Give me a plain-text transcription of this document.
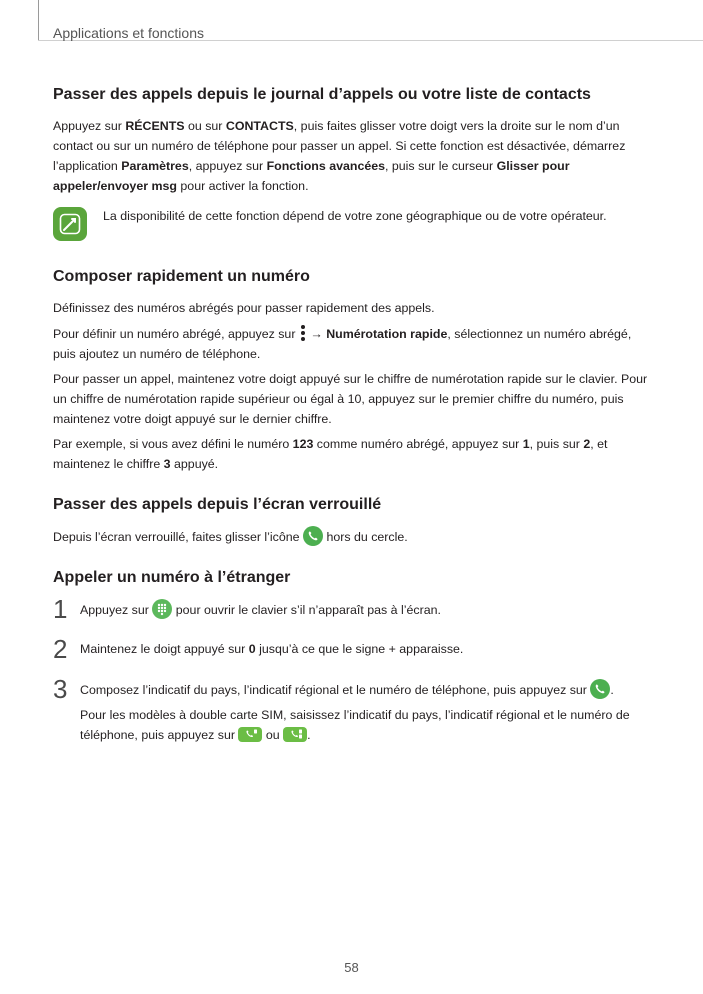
Applications et fonctions
Passer des appels depuis le journal d’appels ou votre liste de contacts

Appuyez sur RÉCENTS ou sur CONTACTS, puis faites glisser votre doigt vers la droite sur le nom d’un contact ou sur un numéro de téléphone pour passer un appel. Si cette fonction est désactivée, démarrez l’application Paramètres, appuyez sur Fonctions avancées, puis sur le curseur Glisser pour appeler/envoyer msg pour activer la fonction.

La disponibilité de cette fonction dépend de votre zone géographique ou de votre opérateur.
Composer rapidement un numéro

Définissez des numéros abrégés pour passer rapidement des appels.

Pour définir un numéro abrégé, appuyez sur  → Numérotation rapide, sélectionnez un numéro abrégé, puis ajoutez un numéro de téléphone.

Pour passer un appel, maintenez votre doigt appuyé sur le chiffre de numérotation rapide sur le clavier. Pour un chiffre de numérotation rapide supérieur ou égal à 10, appuyez sur le premier chiffre du numéro, puis maintenez votre doigt appuyé sur le dernier chiffre.

Par exemple, si vous avez défini le numéro 123 comme numéro abrégé, appuyez sur 1, puis sur 2, et maintenez le chiffre 3 appuyé.

Passer des appels depuis l’écran verrouillé

Depuis l’écran verrouillé, faites glisser l’icône
hors du cercle.

Appeler un numéro à l’étranger
1 Appuyez sur
pour ouvrir le clavier s’il n’apparaît pas à l’écran.
2 Maintenez le doigt appuyé sur 0 jusqu’à ce que le signe + apparaisse.
3 Composez l’indicatif du pays, l’indicatif régional et le numéro de téléphone, puis appuyez sur
.
Pour les modèles à double carte SIM, saisissez l’indicatif du pays, l’indicatif régional et le numéro de téléphone, puis appuyez sur
ou
.
58
